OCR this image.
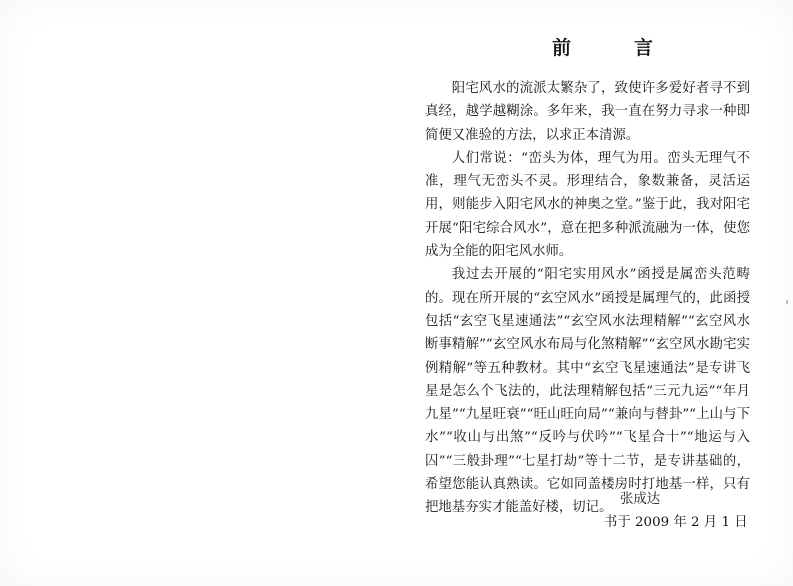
前　言

阳宅风水的流派太繁杂了，致使许多爱好者寻不到真经，越学越糊涂。多年来，我一直在努力寻求一种即简便又准验的方法，以求正本清源。

人们常说：“峦头为体，理气为用。峦头无理气不准，理气无峦头不灵。形理结合，象数兼备，灵活运用，则能步入阳宅风水的神奥之堂。”鉴于此，我对阳宅开展“阳宅综合风水”，意在把多种派流融为一体，使您成为全能的阳宅风水师。

我过去开展的“阳宅实用风水”函授是属峦头范畴的。现在所开展的“玄空风水”函授是属理气的，此函授包括“玄空飞星速通法”“玄空风水法理精解”“玄空风水断事精解”“玄空风水布局与化煞精解”“玄空风水勘宅实例精解”等五种教材。其中“玄空飞星速通法”是专讲飞星是怎么个飞法的，此法理精解包括“三元九运”“年月九星”“九星旺衰”“旺山旺向局”“兼向与替卦”“上山与下水”“收山与出煞”“反吟与伏吟”“飞星合十”“地运与入囚”“三般卦理”“七星打劫”等十二节，是专讲基础的，希望您能认真熟读。它如同盖楼房时打地基一样，只有把地基夯实才能盖好楼，切记。

张成达
书于 2009 年 2 月 1 日
